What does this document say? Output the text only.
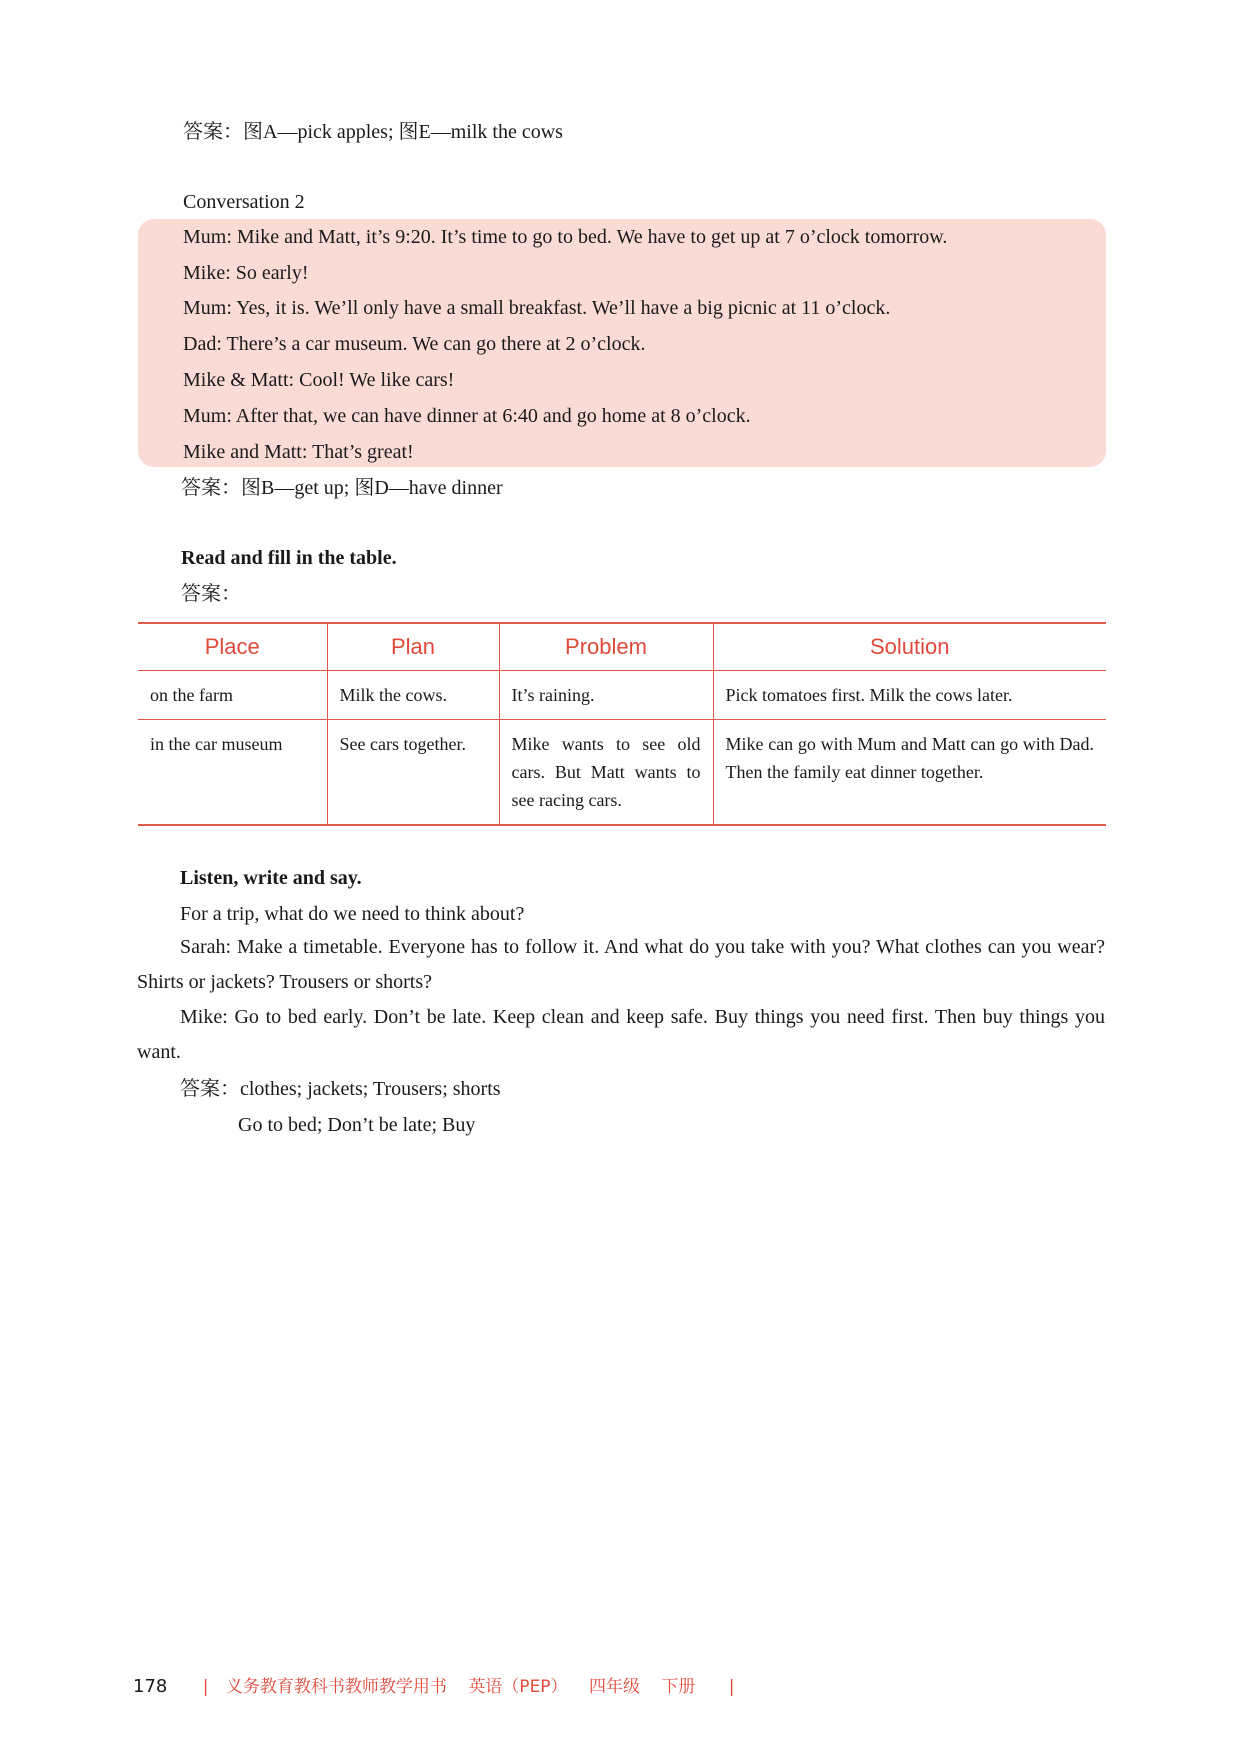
答案：图A—pick apples; 图E—milk the cows
Conversation 2
Mum: Mike and Matt, it’s 9:20. It’s time to go to bed. We have to get up at 7 o’clock tomorrow.
Mike: So early!
Mum: Yes, it is. We’ll only have a small breakfast. We’ll have a big picnic at 11 o’clock.
Dad: There’s a car museum. We can go there at 2 o’clock.
Mike & Matt: Cool! We like cars!
Mum: After that, we can have dinner at 6:40 and go home at 8 o’clock.
Mike and Matt: That’s great!
答案：图B—get up; 图D—have dinner
Read and fill in the table.
答案：
Place	Plan	Problem	Solution
on the farm	Milk the cows.	It’s raining.	Pick tomatoes first. Milk the cows later.
in the car museum	See cars together.	Mike wants to see old cars. But Matt wants to see racing cars.	Mike can go with Mum and Matt can go with Dad. Then the family eat dinner together.
Listen, write and say.
For a trip, what do we need to think about?
Sarah: Make a timetable. Everyone has to follow it. And what do you take with you? What clothes can you wear? Shirts or jackets? Trousers or shorts?
Mike: Go to bed early. Don’t be late. Keep clean and keep safe. Buy things you need first. Then buy things you want.
答案：clothes; jackets; Trousers; shorts
Go to bed; Don’t be late; Buy
178 | 义务教育教科书教师教学用书 英语（PEP） 四年级 下册 |
